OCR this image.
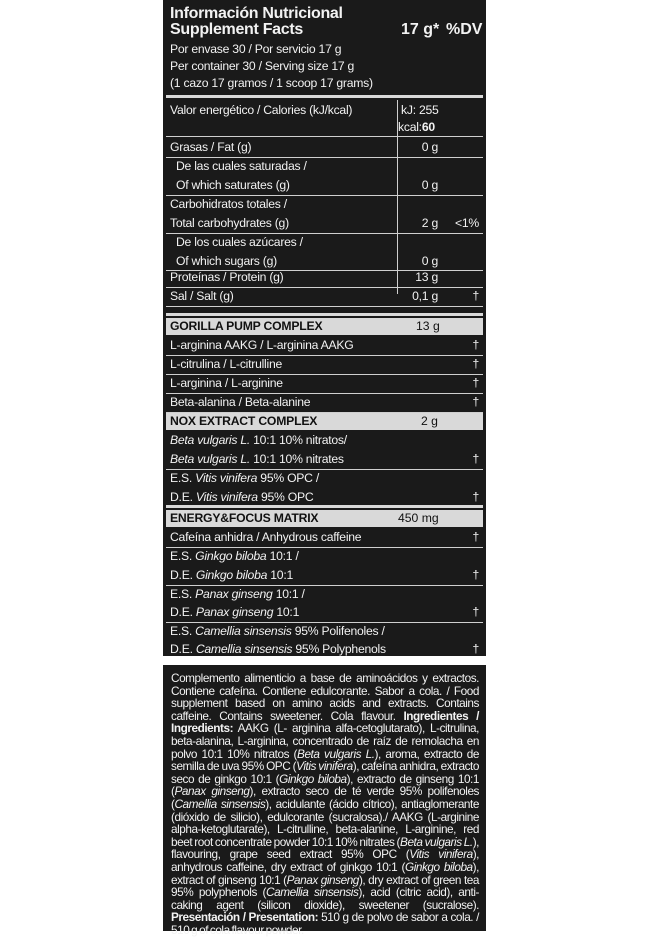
Información Nutricional
Supplement Facts	17 g* %DV
Por envase 30 / Por servicio 17 g
Per container 30 / Serving size 17 g
(1 cazo 17 gramos / 1 scoop 17 grams)
Valor energético / Calories (kJ/kcal)	kJ: 255
kcal:60
Grasas / Fat (g)	0 g
De las cuales saturadas /
Of which saturates (g)	0 g
Carbohidratos totales /
Total carbohydrates (g)	2 g <1%
De los cuales azúcares /
Of which sugars (g)	0 g
Proteínas / Protein (g)	13 g
Sal / Salt (g)	0,1 g	†
GORILLA PUMP COMPLEX	13 g
L-arginina AAKG / L-arginina AAKG	†
L-citrulina / L-citrulline	†
L-arginina / L-arginine	†
Beta-alanina / Beta-alanine	†
NOX EXTRACT COMPLEX	2 g
Beta vulgaris L. 10:1 10% nitratos/
Beta vulgaris L. 10:1 10% nitrates	†
E.S. Vitis vinifera 95% OPC /
D.E. Vitis vinifera 95% OPC	†
ENERGY&FOCUS MATRIX	450 mg
Cafeína anhidra / Anhydrous caffeine	†
E.S. Ginkgo biloba 10:1 /
D.E. Ginkgo biloba 10:1	†
E.S. Panax ginseng 10:1 /
D.E. Panax ginseng 10:1	†
E.S. Camellia sinsensis 95% Polifenoles /
D.E. Camellia sinsensis 95% Polyphenols	†
Complemento alimenticio a base de aminoácidos y extractos. Contiene cafeína. Contiene edulcorante. Sabor a cola. / Food supplement based on amino acids and extracts. Contains caffeine. Contains sweetener. Cola flavour. Ingredientes / Ingredients: AAKG (L- arginina alfa-cetoglutarato), L-citrulina, beta-alanina, L-arginina, concentrado de raíz de remolacha en polvo 10:1 10% nitratos (Beta vulgaris L.), aroma, extracto de semilla de uva 95% OPC (Vitis vinifera), cafeína anhidra, extracto seco de ginkgo 10:1 (Ginkgo biloba), extracto de ginseng 10:1 (Panax ginseng), extracto seco de té verde 95% polifenoles (Camellia sinsensis), acidulante (ácido cítrico), antiaglomerante (dióxido de silicio), edulcorante (sucralosa)./ AAKG (L-arginine alpha-ketoglutarate), L-citrulline, beta-alanine, L-arginine, red beet root concentrate powder 10:1 10% nitrates (Beta vulgaris L.), flavouring, grape seed extract 95% OPC (Vitis vinifera), anhydrous caffeine, dry extract of ginkgo 10:1 (Ginkgo biloba), extract of ginseng 10:1 (Panax ginseng), dry extract of green tea 95% polyphenols (Camellia sinsensis), acid (citric acid), anti-caking agent (silicon dioxide), sweetener (sucralose). Presentación / Presentation: 510 g de polvo de sabor a cola. / 510 g of cola flavour powder.
